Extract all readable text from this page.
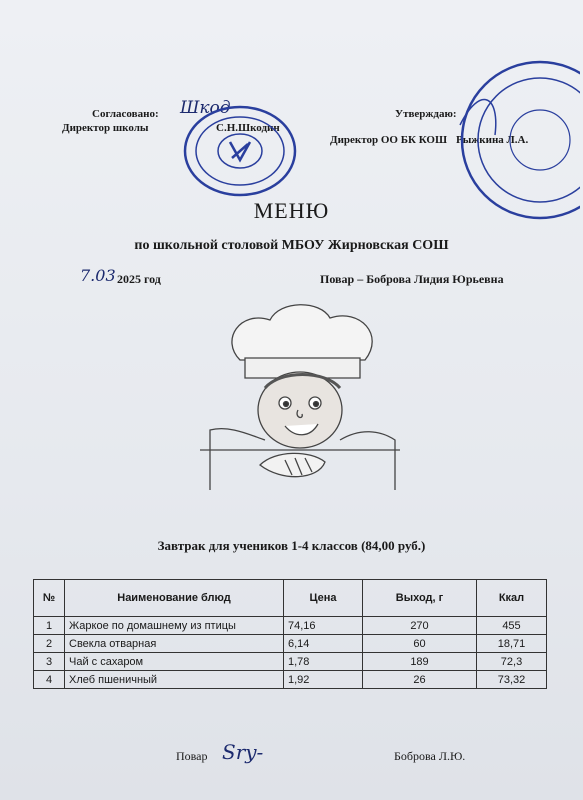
Согласовано:
Директор школы
Шкод
С.Н.Шкодин
Утверждаю:
Директор ОО БК КОШ Рыжкина Л.А.
МЕНЮ
по школьной столовой МБОУ Жирновская СОШ
7.03 2025 год	Повар – Боброва Лидия Юрьевна
Завтрак для учеников 1-4 классов (84,00 руб.)
№	Наименование блюд	Цена	Выход, г	Ккал
1	Жаркое по домашнему из птицы	74,16	270	455
2	Свекла отварная	6,14	60	18,71
3	Чай с сахаром	1,78	189	72,3
4	Хлеб пшеничный	1,92	26	73,32
Повар Sry-	Боброва Л.Ю.
